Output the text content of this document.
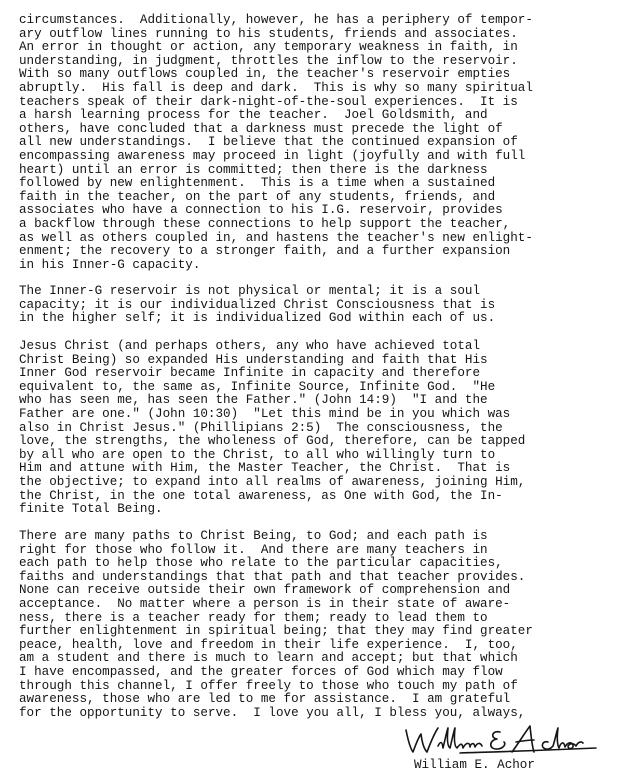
circumstances.  Additionally, however, he has a periphery of tempor-
ary outflow lines running to his students, friends and associates.
An error in thought or action, any temporary weakness in faith, in
understanding, in judgment, throttles the inflow to the reservoir.
With so many outflows coupled in, the teacher's reservoir empties
abruptly.  His fall is deep and dark.  This is why so many spiritual
teachers speak of their dark-night-of-the-soul experiences.  It is
a harsh learning process for the teacher.  Joel Goldsmith, and
others, have concluded that a darkness must precede the light of
all new understandings.  I believe that the continued expansion of
encompassing awareness may proceed in light (joyfully and with full
heart) until an error is committed; then there is the darkness
followed by new enlightenment.  This is a time when a sustained
faith in the teacher, on the part of any students, friends, and
associates who have a connection to his I.G. reservoir, provides
a backflow through these connections to help support the teacher,
as well as others coupled in, and hastens the teacher's new enlight-
enment; the recovery to a stronger faith, and a further expansion
in his Inner-G capacity.
The Inner-G reservoir is not physical or mental; it is a soul
capacity; it is our individualized Christ Consciousness that is
in the higher self; it is individualized God within each of us.
Jesus Christ (and perhaps others, any who have achieved total
Christ Being) so expanded His understanding and faith that His
Inner God reservoir became Infinite in capacity and therefore
equivalent to, the same as, Infinite Source, Infinite God.  "He
who has seen me, has seen the Father." (John 14:9)  "I and the
Father are one." (John 10:30)  "Let this mind be in you which was
also in Christ Jesus." (Phillipians 2:5)  The consciousness, the
love, the strengths, the wholeness of God, therefore, can be tapped
by all who are open to the Christ, to all who willingly turn to
Him and attune with Him, the Master Teacher, the Christ.  That is
the objective; to expand into all realms of awareness, joining Him,
the Christ, in the one total awareness, as One with God, the In-
finite Total Being.
There are many paths to Christ Being, to God; and each path is
right for those who follow it.  And there are many teachers in
each path to help those who relate to the particular capacities,
faiths and understandings that that path and that teacher provides.
None can receive outside their own framework of comprehension and
acceptance.  No matter where a person is in their state of aware-
ness, there is a teacher ready for them; ready to lead them to
further enlightenment in spiritual being; that they may find greater
peace, health, love and freedom in their life experience.  I, too,
am a student and there is much to learn and accept; but that which
I have encompassed, and the greater forces of God which may flow
through this channel, I offer freely to those who touch my path of
awareness, those who are led to me for assistance.  I am grateful
for the opportunity to serve.  I love you all, I bless you, always,
William E. Achor
